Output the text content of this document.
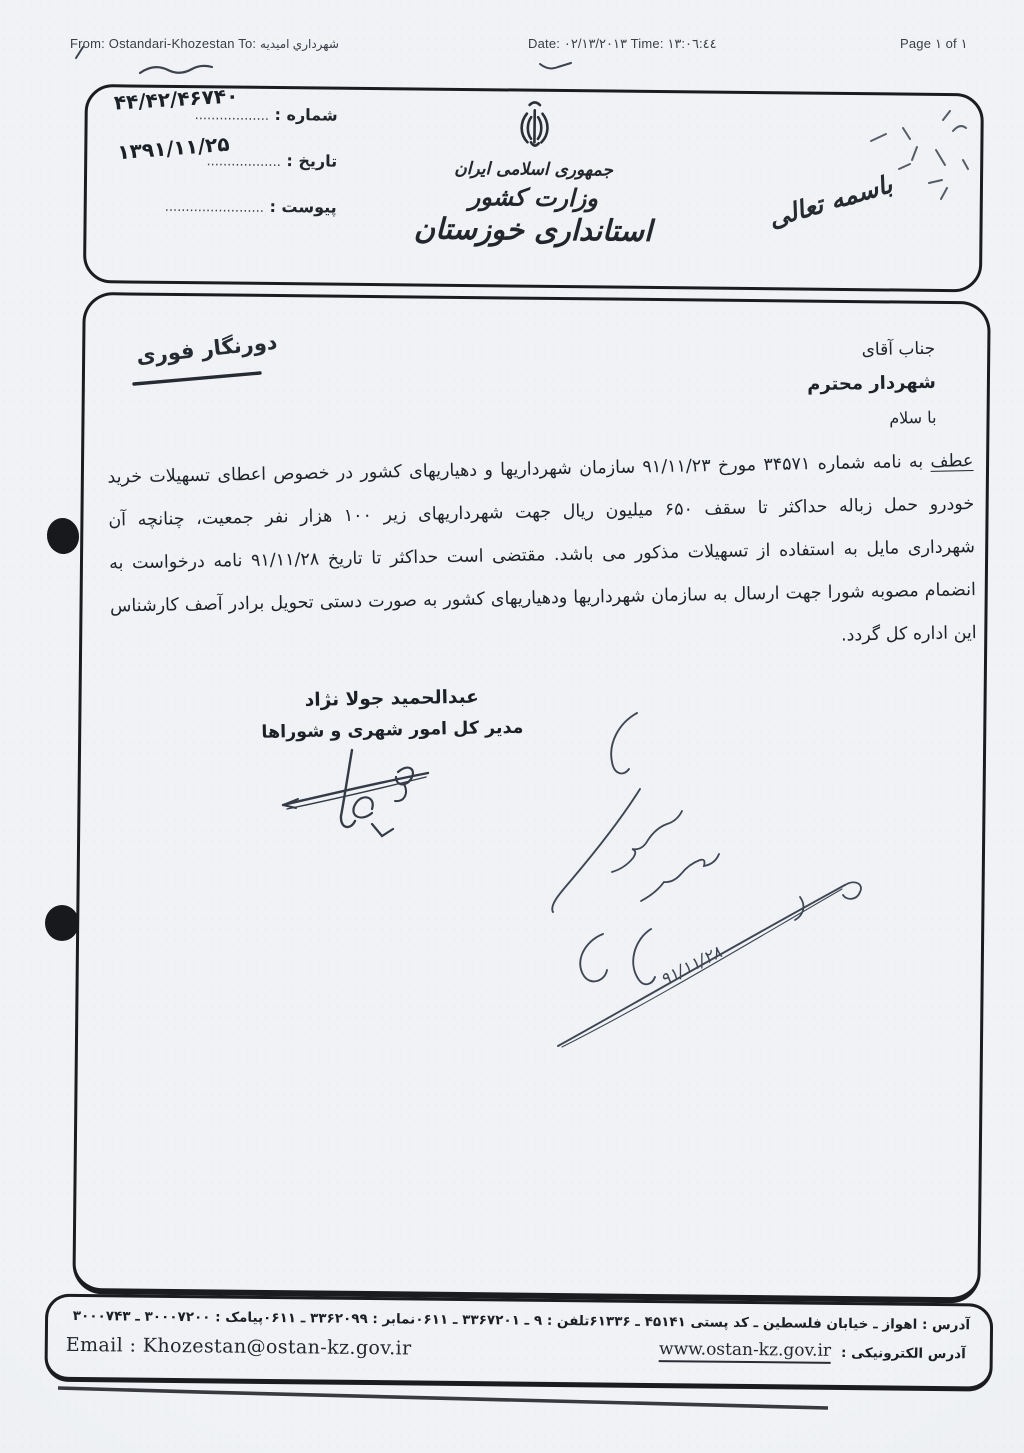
From: Ostandari-Khozestan To: شهرداري اميديه	Date: ٠٢/١٣/٢٠١٣ Time: ١٣:٠٦:٤٤	Page ١ of ١
شماره : ..................
۴۴/۴۲/۴۶۷۴۰
تاریخ : ..................
۱۳۹۱/۱۱/۲۵
پیوست : ........................
جمهوری اسلامی ایران
وزارت کشور
استانداری خوزستان	باسمه تعالی
آدرس : اهواز ـ خیابان فلسطین ـ کد پستی ۴۵۱۴۱ ـ ۶۱۳۳۶
تلفن : ۹ ـ ۳۳۶۷۲۰۱ ـ ۰۶۱۱
نمابر : ۳۳۶۲۰۹۹ ـ ۰۶۱۱
پیامک : ۳۰۰۰۷۲۰۰ ـ ۳۰۰۰۷۴۳
Email : Khozestan@ostan-kz.gov.ir	www.ostan-kz.gov.ir آدرس الکترونیکی :
جناب آقای
شهردار محترم
با سلام
عطف به نامه شماره ۳۴۵۷۱ مورخ ۹۱/۱۱/۲۳ سازمان شهرداریها و دهیاریهای کشور در خصوص اعطای تسهیلات خرید
خودرو حمل زباله حداکثر تا سقف ۶۵۰ میلیون ریال جهت شهرداریهای زیر ۱۰۰ هزار نفر جمعیت، چنانچه آن
شهرداری مایل به استفاده از تسهیلات مذکور می باشد. مقتضی است حداکثر تا تاریخ ۹۱/۱۱/۲۸ نامه درخواست به
انضمام مصوبه شورا جهت ارسال به سازمان شهرداریها ودهیاریهای کشور به صورت دستی تحویل برادر آصف کارشناس
این اداره کل گردد.
عبدالحمید جولا نژاد
مدیر کل امور شهری و شوراها
دورنگار فوری
۹۱/۱۱/۲۸
